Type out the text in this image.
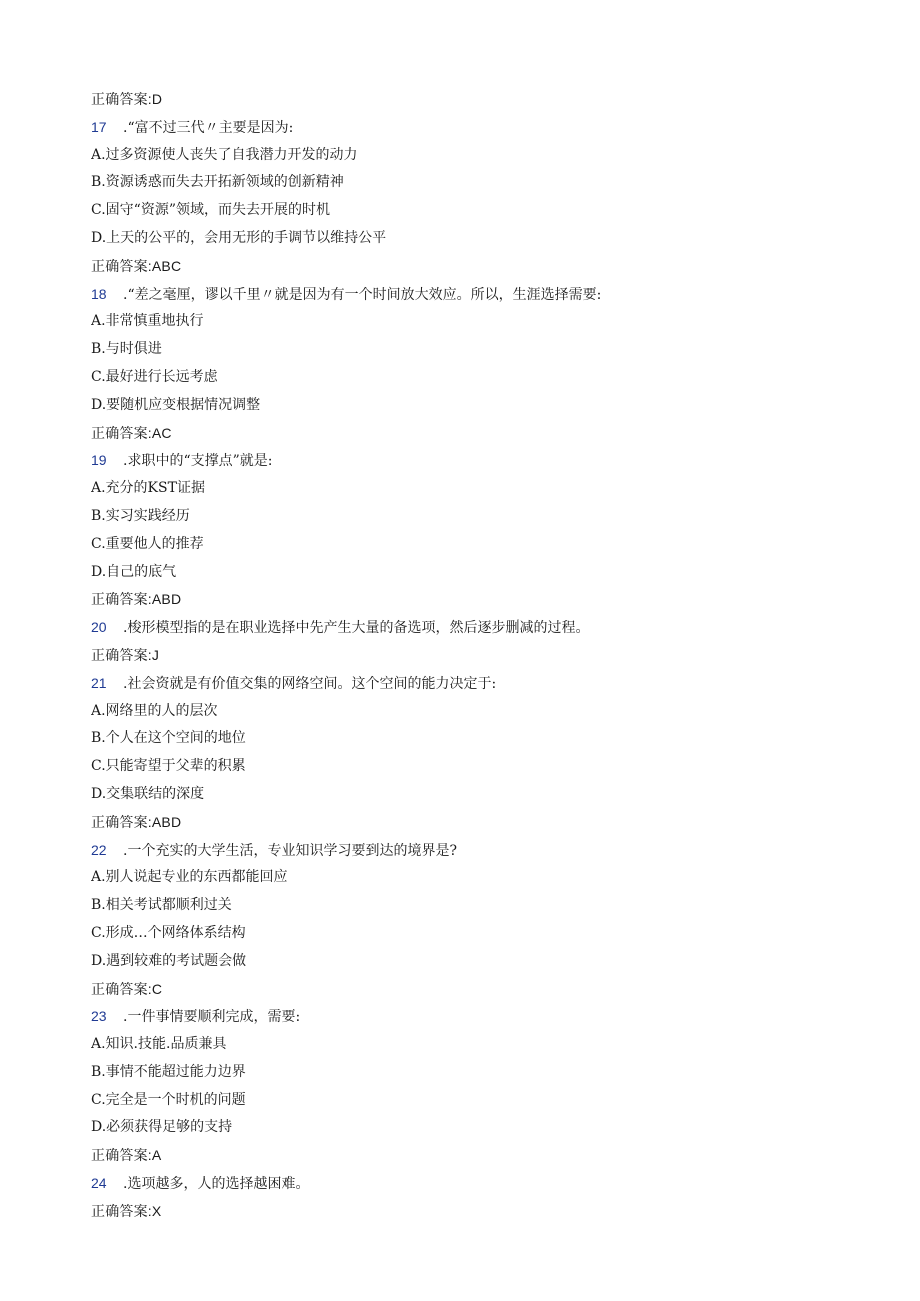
正确答案:D
17 .“富不过三代〃主要是因为:
A.过多资源使人丧失了自我潜力开发的动力
B.资源诱惑而失去开拓新领域的创新精神
C.固守“资源”领域，而失去开展的时机
D.上天的公平的，会用无形的手调节以维持公平
正确答案:ABC
18 .“差之毫厘，谬以千里〃就是因为有一个时间放大效应。所以，生涯选择需要:
A.非常慎重地执行
B.与时俱进
C.最好进行长远考虑
D.要随机应变根据情况调整
正确答案:AC
19 .求职中的“支撑点”就是:
A.充分的KST证据
B.实习实践经历
C.重要他人的推荐
D.自己的底气
正确答案:ABD
20 .梭形模型指的是在职业选择中先产生大量的备选项，然后逐步删减的过程。
正确答案:J
21 .社会资就是有价值交集的网络空间。这个空间的能力决定于:
A.网络里的人的层次
B.个人在这个空间的地位
C.只能寄望于父辈的积累
D.交集联结的深度
正确答案:ABD
22 .一个充实的大学生活，专业知识学习要到达的境界是?
A.别人说起专业的东西都能回应
B.相关考试都顺利过关
C.形成…个网络体系结构
D.遇到较难的考试题会做
正确答案:C
23 .一件事情要顺利完成，需要:
A.知识.技能.品质兼具
B.事情不能超过能力边界
C.完全是一个时机的问题
D.必须获得足够的支持
正确答案:A
24 .选项越多，人的选择越困难。
正确答案:X
